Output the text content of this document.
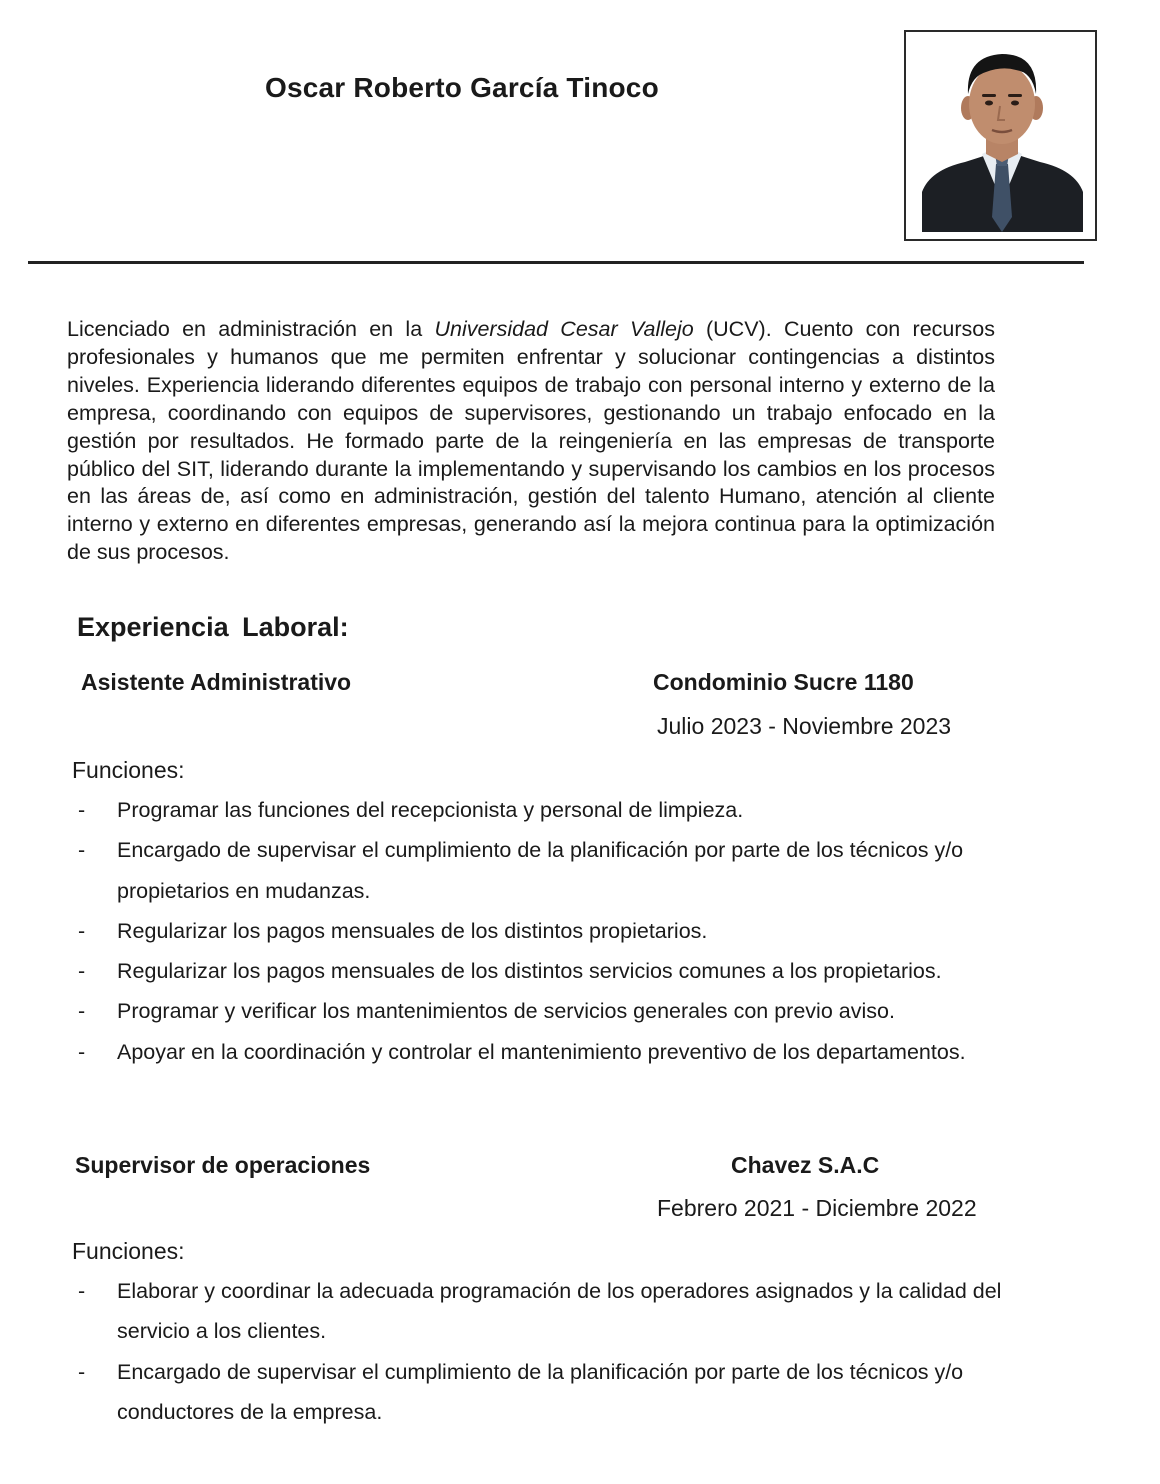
Oscar Roberto García Tinoco

Licenciado en administración en la Universidad Cesar Vallejo (UCV). Cuento con recursos profesionales y humanos que me permiten enfrentar y solucionar contingencias a distintos niveles. Experiencia liderando diferentes equipos de trabajo con personal interno y externo de la empresa, coordinando con equipos de supervisores, gestionando un trabajo enfocado en la gestión por resultados. He formado parte de la reingeniería en las empresas de transporte público del SIT, liderando durante la implementando y supervisando los cambios en los procesos en las áreas de, así como en administración, gestión del talento Humano, atención al cliente interno y externo en diferentes empresas, generando así la mejora continua para la optimización de sus procesos.

Experiencia Laboral:
Asistente Administrativo	Condominio Sucre 1180

Julio 2023 - Noviembre 2023

Funciones:

- Programar las funciones del recepcionista y personal de limpieza.
- Encargado de supervisar el cumplimiento de la planificación por parte de los técnicos y/o propietarios en mudanzas.
- Regularizar los pagos mensuales de los distintos propietarios.
- Regularizar los pagos mensuales de los distintos servicios comunes a los propietarios.
- Programar y verificar los mantenimientos de servicios generales con previo aviso.
- Apoyar en la coordinación y controlar el mantenimiento preventivo de los departamentos.
Supervisor de operaciones	Chavez S.A.C

Febrero 2021 - Diciembre 2022

Funciones:

- Elaborar y coordinar la adecuada programación de los operadores asignados y la calidad del servicio a los clientes.
- Encargado de supervisar el cumplimiento de la planificación por parte de los técnicos y/o conductores de la empresa.
